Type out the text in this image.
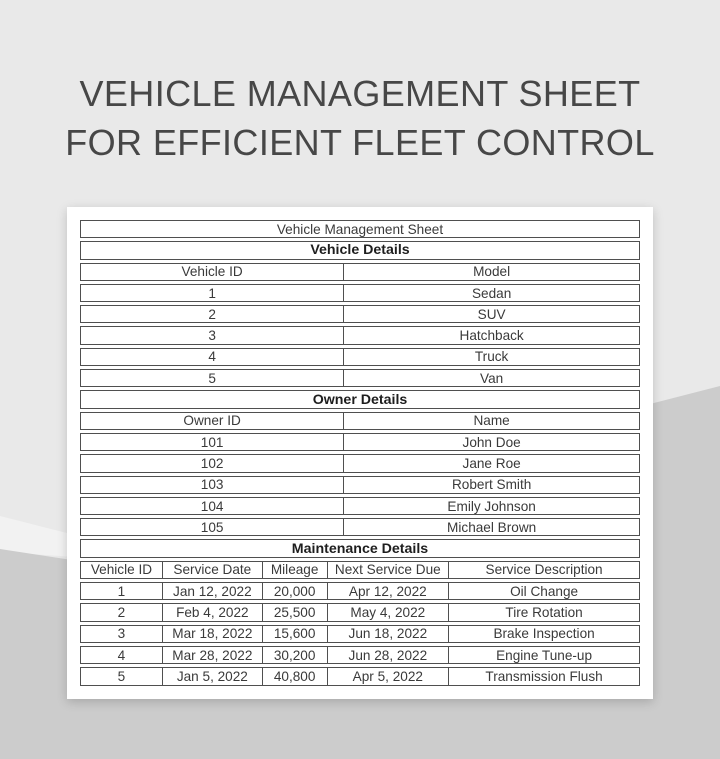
VEHICLE MANAGEMENT SHEET
FOR EFFICIENT FLEET CONTROL
Vehicle Management Sheet
Vehicle Details
Vehicle ID	Model
1	Sedan
2	SUV
3	Hatchback
4	Truck
5	Van
Owner Details
Owner ID	Name
101	John Doe
102	Jane Roe
103	Robert Smith
104	Emily Johnson
105	Michael Brown
Maintenance Details
Vehicle ID	Service Date	Mileage	Next Service Due	Service Description
1	Jan 12, 2022	20,000	Apr 12, 2022	Oil Change
2	Feb 4, 2022	25,500	May 4, 2022	Tire Rotation
3	Mar 18, 2022	15,600	Jun 18, 2022	Brake Inspection
4	Mar 28, 2022	30,200	Jun 28, 2022	Engine Tune-up
5	Jan 5, 2022	40,800	Apr 5, 2022	Transmission Flush
